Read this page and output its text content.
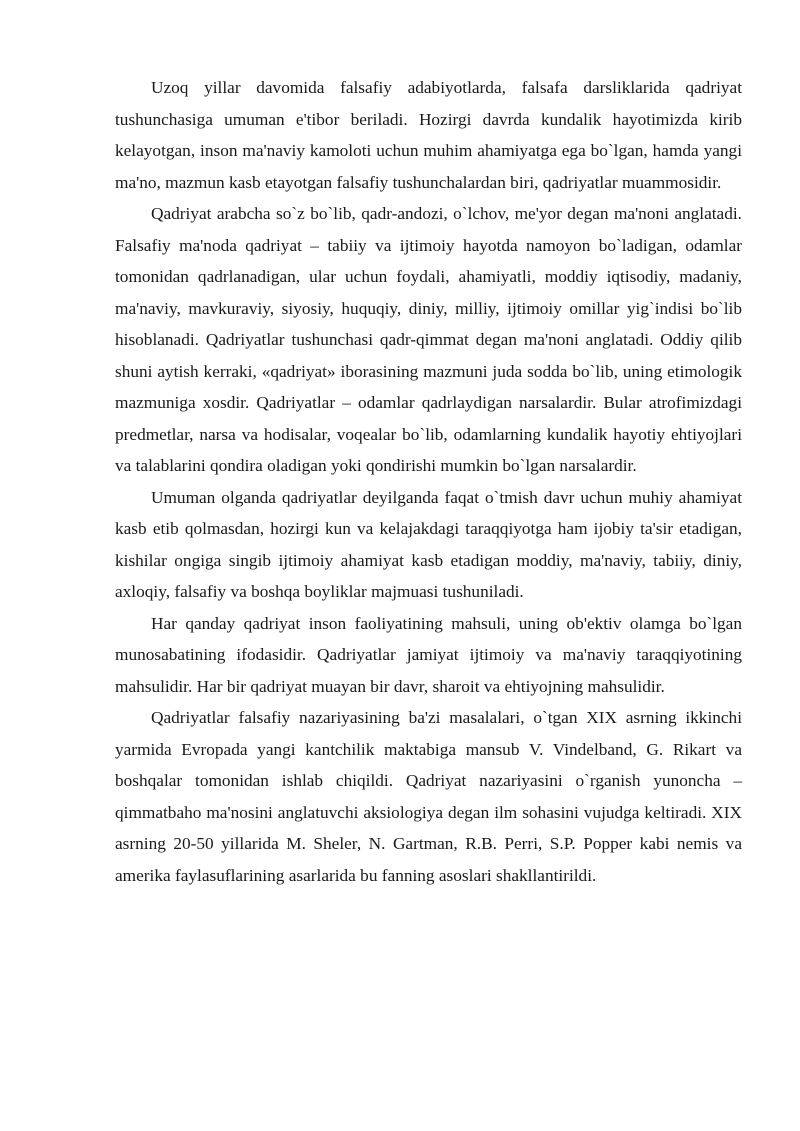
Uzoq yillar davomida falsafiy adabiyotlarda, falsafa darsliklarida qadriyat tushunchasiga umuman e'tibor beriladi. Hozirgi davrda kundalik hayotimizda kirib kelayotgan, inson ma'naviy kamoloti uchun muhim ahamiyatga ega bo`lgan, hamda yangi ma'no, mazmun kasb etayotgan falsafiy tushunchalardan biri, qadriyatlar muammosidir.

Qadriyat arabcha so`z bo`lib, qadr-andozi, o`lchov, me'yor degan ma'noni anglatadi. Falsafiy ma'noda qadriyat – tabiiy va ijtimoiy hayotda namoyon bo`ladigan, odamlar tomonidan qadrlanadigan, ular uchun foydali, ahamiyatli, moddiy iqtisodiy, madaniy, ma'naviy, mavkuraviy, siyosiy, huquqiy, diniy, milliy, ijtimoiy omillar yig`indisi bo`lib hisoblanadi. Qadriyatlar tushunchasi qadr-qimmat degan ma'noni anglatadi. Oddiy qilib shuni aytish kerraki, «qadriyat» iborasining mazmuni juda sodda bo`lib, uning etimologik mazmuniga xosdir. Qadriyatlar – odamlar qadrlaydigan narsalardir. Bular atrofimizdagi predmetlar, narsa va hodisalar, voqealar bo`lib, odamlarning kundalik hayotiy ehtiyojlari va talablarini qondira oladigan yoki qondirishi mumkin bo`lgan narsalardir.

Umuman olganda qadriyatlar deyilganda faqat o`tmish davr uchun muhiy ahamiyat kasb etib qolmasdan, hozirgi kun va kelajakdagi taraqqiyotga ham ijobiy ta'sir etadigan, kishilar ongiga singib ijtimoiy ahamiyat kasb etadigan moddiy, ma'naviy, tabiiy, diniy, axloqiy, falsafiy va boshqa boyliklar majmuasi tushuniladi.

Har qanday qadriyat inson faoliyatining mahsuli, uning ob'ektiv olamga bo`lgan munosabatining ifodasidir. Qadriyatlar jamiyat ijtimoiy va ma'naviy taraqqiyotining mahsulidir. Har bir qadriyat muayan bir davr, sharoit va ehtiyojning mahsulidir.

Qadriyatlar falsafiy nazariyasining ba'zi masalalari, o`tgan XIX asrning ikkinchi yarmida Evropada yangi kantchilik maktabiga mansub V. Vindelband, G. Rikart va boshqalar tomonidan ishlab chiqildi. Qadriyat nazariyasini o`rganish yunoncha – qimmatbaho ma'nosini anglatuvchi aksiologiya degan ilm sohasini vujudga keltiradi. XIX asrning 20-50 yillarida M. Sheler, N. Gartman, R.B. Perri, S.P. Popper kabi nemis va amerika faylasuflarining asarlarida bu fanning asoslari shakllantirildi.
